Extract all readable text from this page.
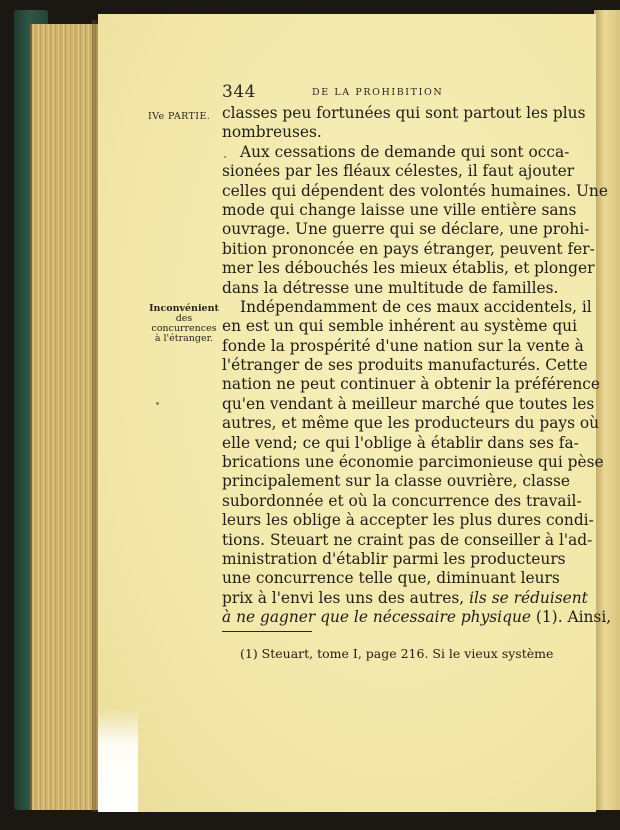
344	DE LA PROHIBITION
IVe PARTIE.
Inconvénient
des
concurrences
à l'étranger.
classes peu fortunées qui sont partout les plus
nombreuses.
Aux cessations de demande qui sont occa-
sionées par les fléaux célestes, il faut ajouter
celles qui dépendent des volontés humaines. Une
mode qui change laisse une ville entière sans
ouvrage. Une guerre qui se déclare, une prohi-
bition prononcée en pays étranger, peuvent fer-
mer les débouchés les mieux établis, et plonger
dans la détresse une multitude de familles.
Indépendamment de ces maux accidentels, il
en est un qui semble inhérent au système qui
fonde la prospérité d'une nation sur la vente à
l'étranger de ses produits manufacturés. Cette
nation ne peut continuer à obtenir la préférence
qu'en vendant à meilleur marché que toutes les
autres, et même que les producteurs du pays où
elle vend; ce qui l'oblige à établir dans ses fa-
brications une économie parcimonieuse qui pèse
principalement sur la classe ouvrière, classe
subordonnée et où la concurrence des travail-
leurs les oblige à accepter les plus dures condi-
tions. Steuart ne craint pas de conseiller à l'ad-
ministration d'établir parmi les producteurs
une concurrence telle que, diminuant leurs
prix à l'envi les uns des autres, ils se réduisent
à ne gagner que le nécessaire physique (1). Ainsi,
(1) Steuart, tome I, page 216. Si le vieux système
